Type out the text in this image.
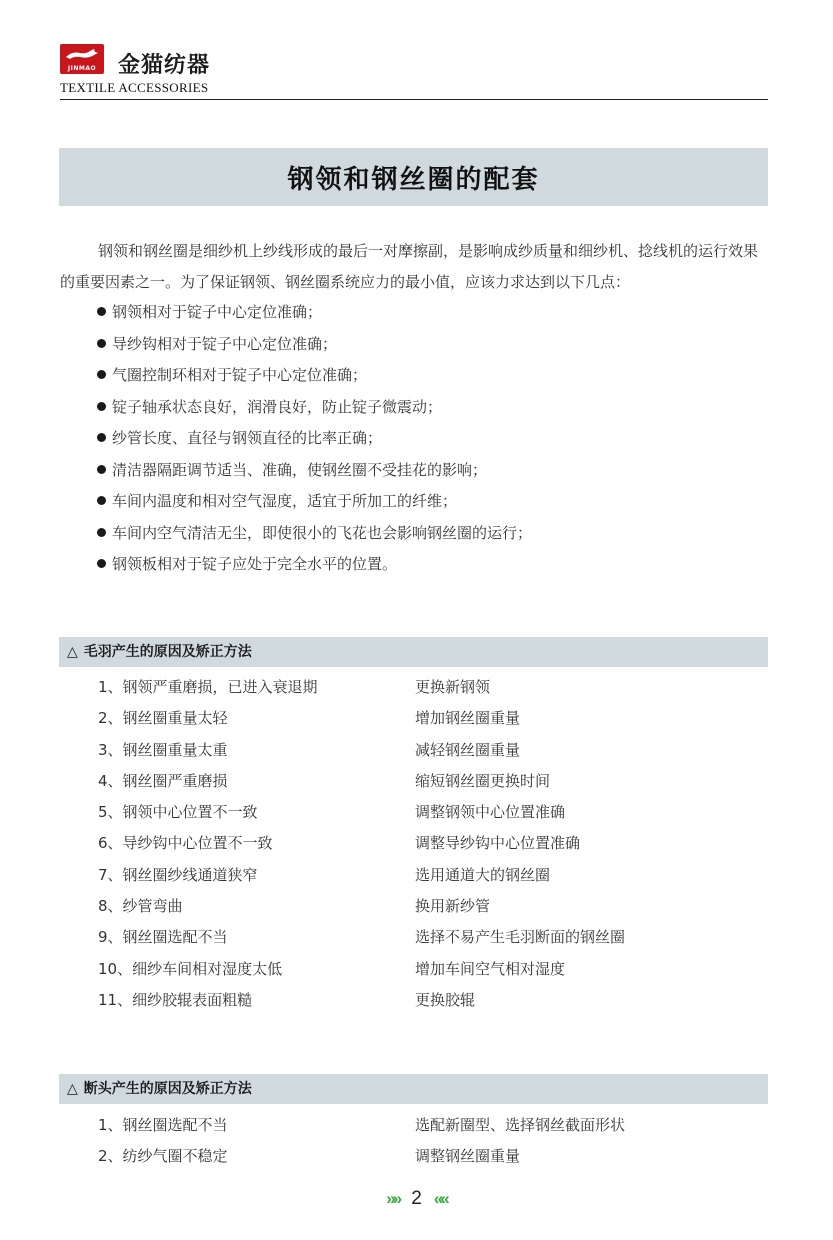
JINMAO 金猫纺器
TEXTILE ACCESSORIES
钢领和钢丝圈的配套

钢领和钢丝圈是细纱机上纱线形成的最后一对摩擦副，是影响成纱质量和细纱机、捻线机的运行效果的重要因素之一。为了保证钢领、钢丝圈系统应力的最小值，应该力求达到以下几点：

钢领相对于锭子中心定位准确；
导纱钩相对于锭子中心定位准确；
气圈控制环相对于锭子中心定位准确；
锭子轴承状态良好，润滑良好，防止锭子微震动；
纱管长度、直径与钢领直径的比率正确；
清洁器隔距调节适当、准确，使钢丝圈不受挂花的影响；
车间内温度和相对空气湿度，适宜于所加工的纤维；
车间内空气清洁无尘，即使很小的飞花也会影响钢丝圈的运行；
钢领板相对于锭子应处于完全水平的位置。
△ 毛羽产生的原因及矫正方法
1、钢领严重磨损，已进入衰退期	更换新钢领
2、钢丝圈重量太轻	增加钢丝圈重量
3、钢丝圈重量太重	减轻钢丝圈重量
4、钢丝圈严重磨损	缩短钢丝圈更换时间
5、钢领中心位置不一致	调整钢领中心位置准确
6、导纱钩中心位置不一致	调整导纱钩中心位置准确
7、钢丝圈纱线通道狭窄	选用通道大的钢丝圈
8、纱管弯曲	换用新纱管
9、钢丝圈选配不当	选择不易产生毛羽断面的钢丝圈
10、细纱车间相对湿度太低	增加车间空气相对湿度
11、细纱胶辊表面粗糙	更换胶辊
△ 断头产生的原因及矫正方法
1、钢丝圈选配不当	选配新圈型、选择钢丝截面形状
2、纺纱气圈不稳定	调整钢丝圈重量
»» 2 ««
